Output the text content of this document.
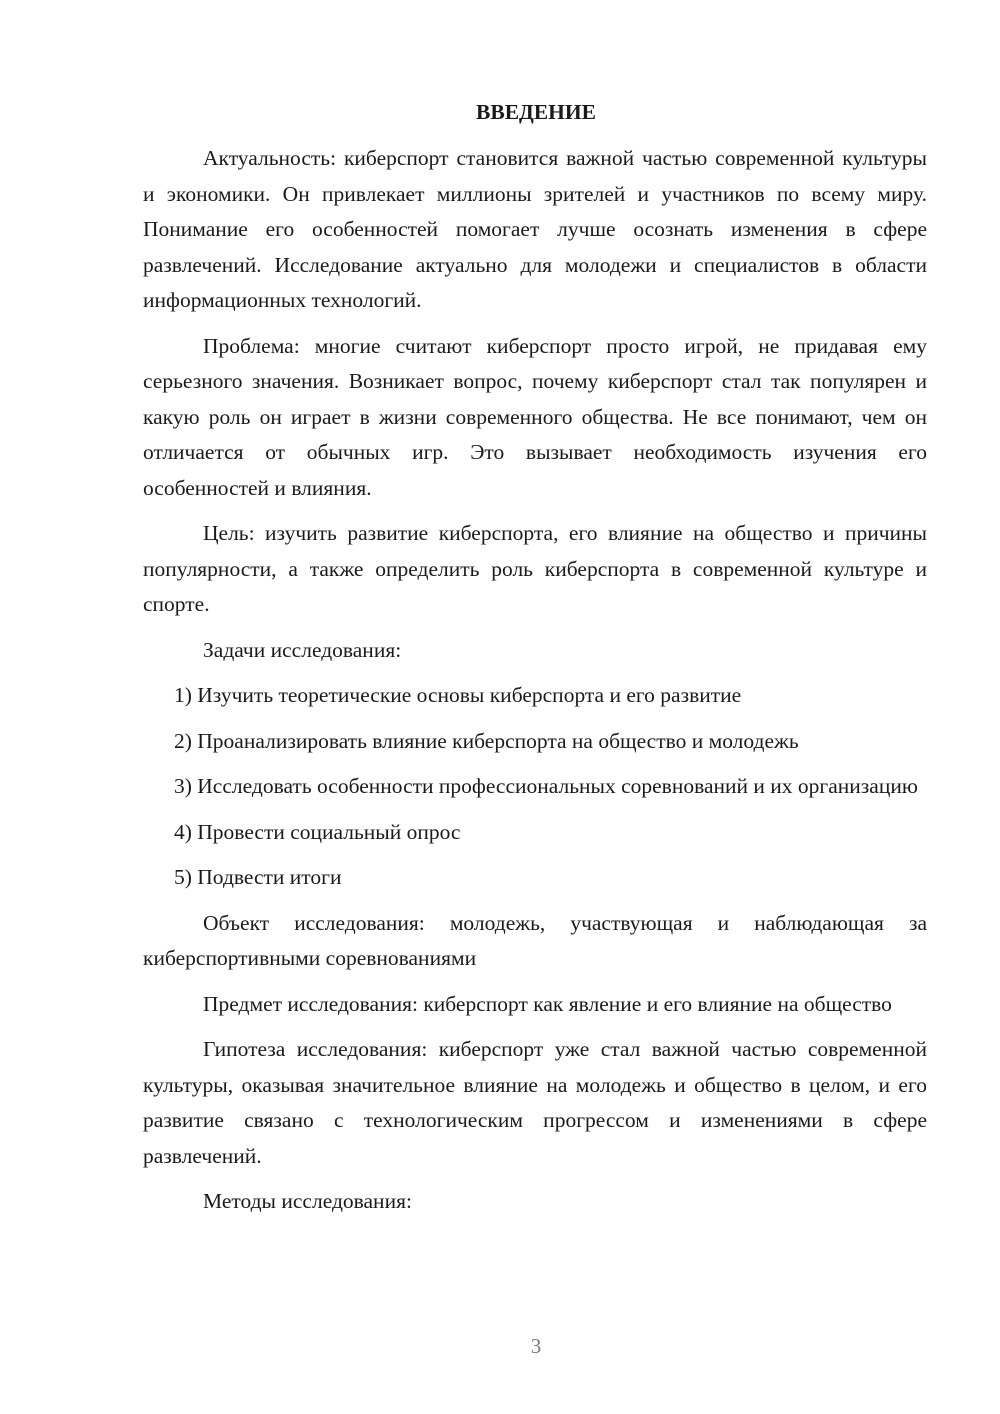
ВВЕДЕНИЕ

Актуальность: киберспорт становится важной частью современной культуры и экономики. Он привлекает миллионы зрителей и участников по всему миру. Понимание его особенностей помогает лучше осознать изменения в сфере развлечений. Исследование актуально для молодежи и специалистов в области информационных технологий.

Проблема: многие считают киберспорт просто игрой, не придавая ему серьезного значения. Возникает вопрос, почему киберспорт стал так популярен и какую роль он играет в жизни современного общества. Не все понимают, чем он отличается от обычных игр. Это вызывает необходимость изучения его особенностей и влияния.

Цель: изучить развитие киберспорта, его влияние на общество и причины популярности, а также определить роль киберспорта в современной культуре и спорте.

Задачи исследования:

1) Изучить теоретические основы киберспорта и его развитие

2) Проанализировать влияние киберспорта на общество и молодежь

3) Исследовать особенности профессиональных соревнований и их организацию

4) Провести социальный опрос

5) Подвести итоги

Объект исследования: молодежь, участвующая и наблюдающая за киберспортивными соревнованиями

Предмет исследования: киберспорт как явление и его влияние на общество

Гипотеза исследования: киберспорт уже стал важной частью современной культуры, оказывая значительное влияние на молодежь и общество в целом, и его развитие связано с технологическим прогрессом и изменениями в сфере развлечений.

Методы исследования:

3
